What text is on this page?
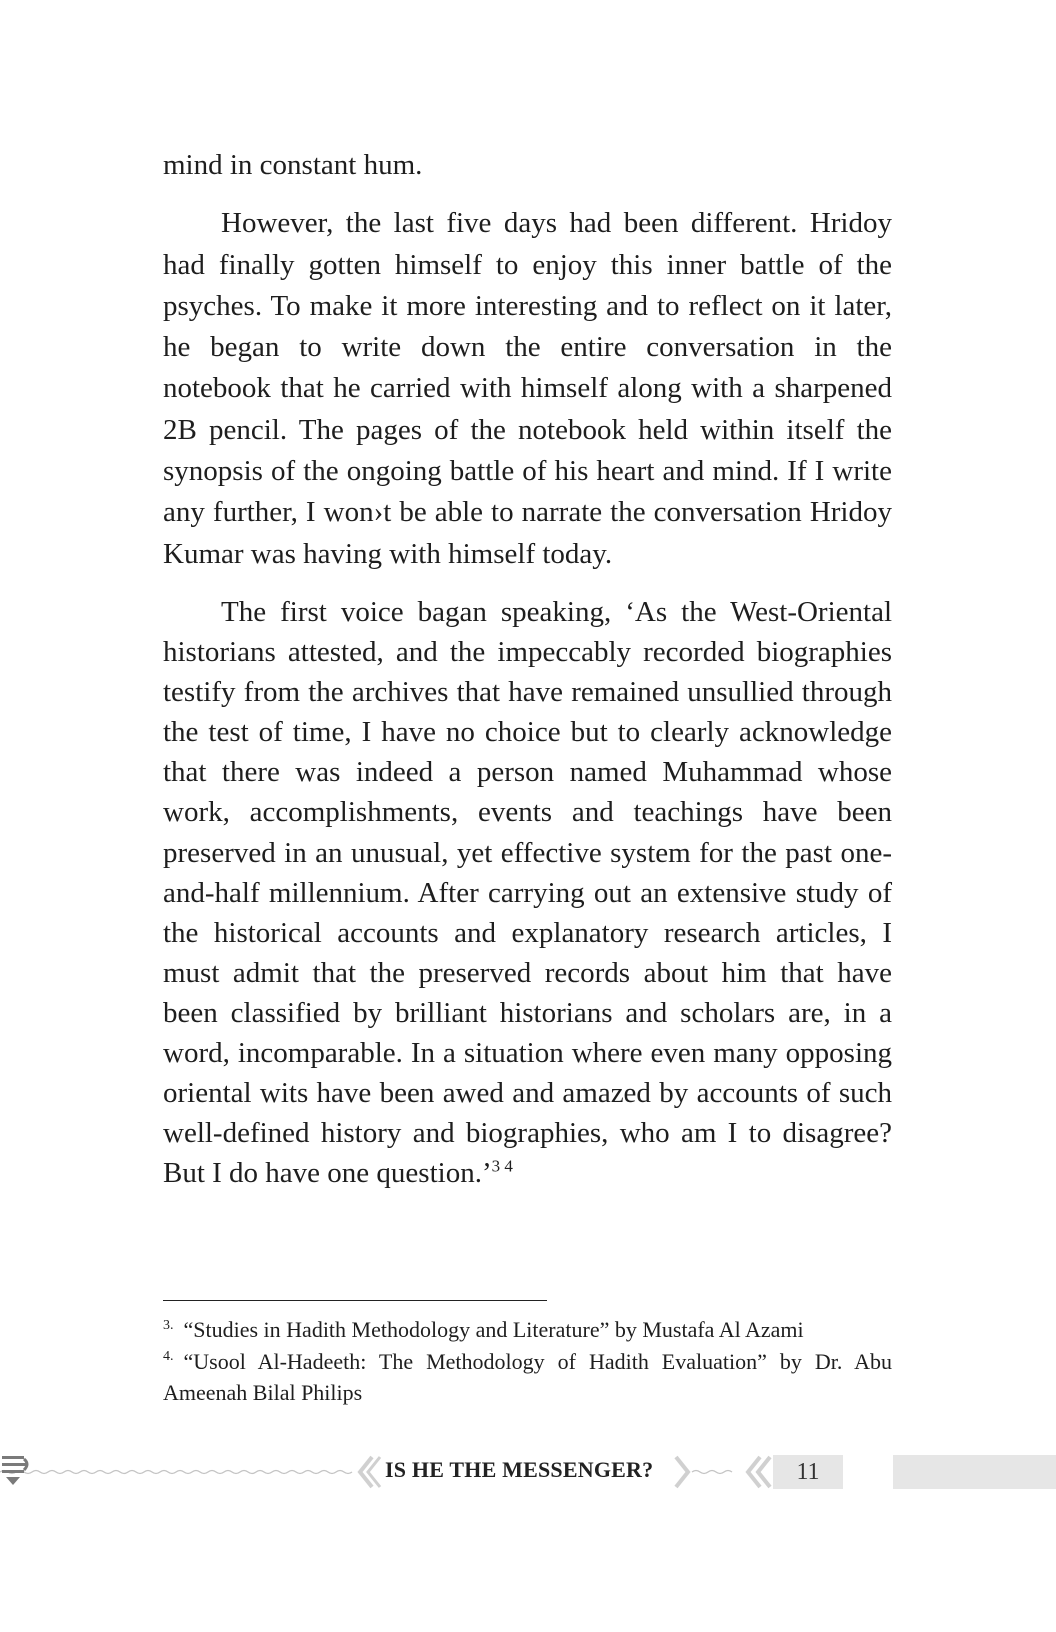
mind in constant hum.

However, the last five days had been different. Hridoy had finally gotten himself to enjoy this inner battle of the psyches. To make it more interesting and to reflect on it later, he began to write down the entire conversation in the notebook that he carried with himself along with a sharpened 2B pencil. The pages of the notebook held within itself the synopsis of the ongoing battle of his heart and mind. If I write any further, I won›t be able to narrate the conversation Hridoy Kumar was having with himself today.

The first voice bagan speaking, ‘As the West-Oriental historians attested, and the impeccably recorded biographies testify from the archives that have remained unsullied through the test of time, I have no choice but to clearly acknowledge that there was indeed a person named Muhammad whose work, accomplishments, events and teachings have been preserved in an unusual, yet effective system for the past one-and-half millennium. After carrying out an extensive study of the historical accounts and explanatory research articles, I must admit that the preserved records about him that have been classified by brilliant historians and scholars are, in a word, incomparable. In a situation where even many opposing oriental wits have been awed and amazed by accounts of such well-defined history and biographies, who am I to disagree? But I do have one question.’$^{3 4}$

$^{3.}$ “Studies in Hadith Methodology and Literature” by Mustafa Al Azami

$^{4.}$ “Usool Al-Hadeeth: The Methodology of Hadith Evaluation” by Dr. Abu Ameenah Bilal Philips

IS HE THE MESSENGER?	11
